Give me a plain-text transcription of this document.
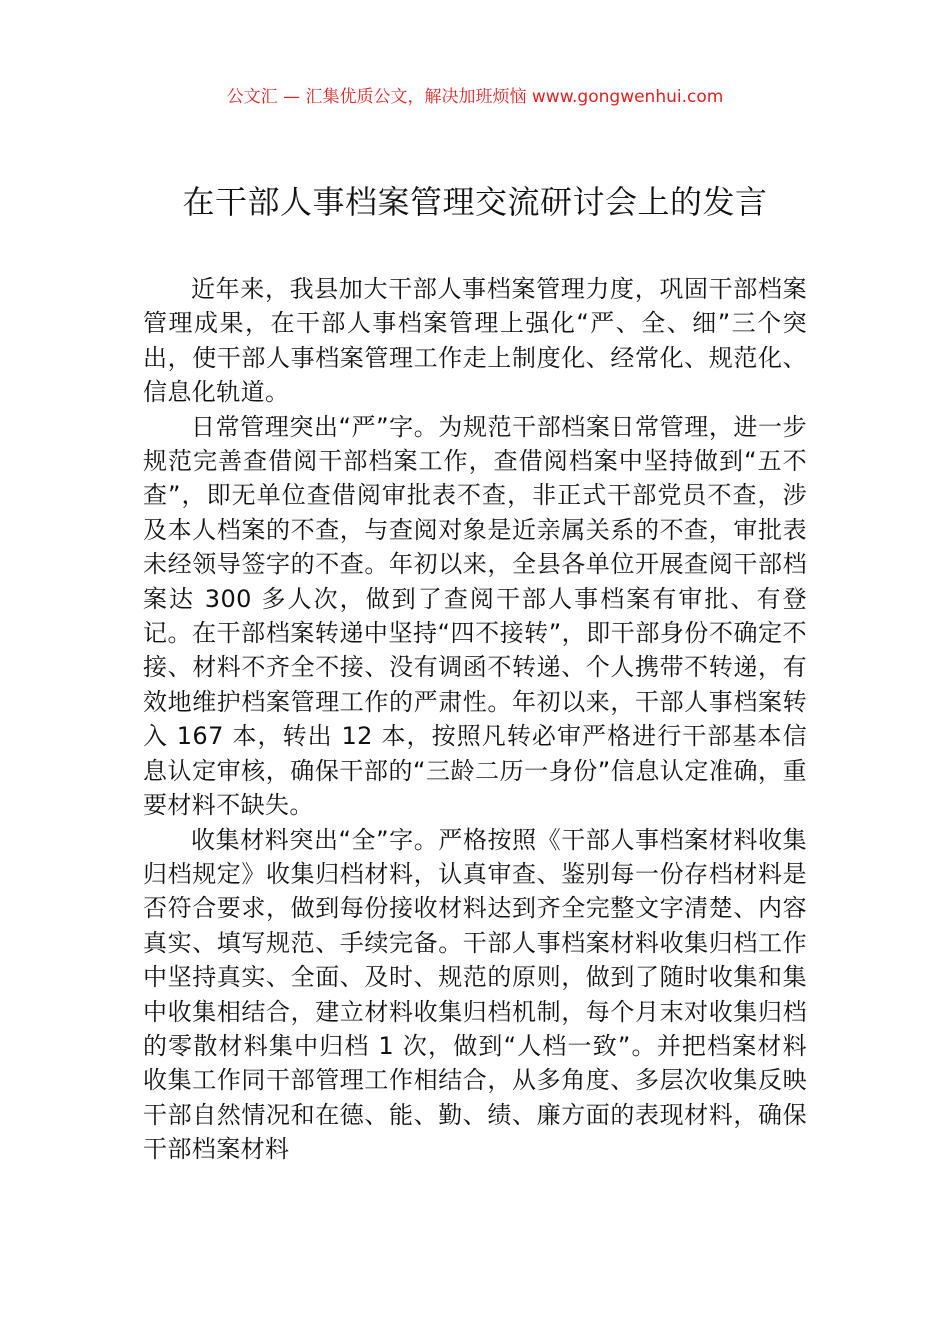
公文汇 — 汇集优质公文，解决加班烦恼 www.gongwenhui.com
在干部人事档案管理交流研讨会上的发言

近年来，我县加大干部人事档案管理力度，巩固干部档案管理成果，在干部人事档案管理上强化“严、全、细”三个突出，使干部人事档案管理工作走上制度化、经常化、规范化、信息化轨道。

日常管理突出“严”字。为规范干部档案日常管理，进一步规范完善查借阅干部档案工作，查借阅档案中坚持做到“五不查”，即无单位查借阅审批表不查，非正式干部党员不查，涉及本人档案的不查，与查阅对象是近亲属关系的不查，审批表未经领导签字的不查。年初以来，全县各单位开展查阅干部档案达 300 多人次，做到了查阅干部人事档案有审批、有登记。在干部档案转递中坚持“四不接转”，即干部身份不确定不接、材料不齐全不接、没有调函不转递、个人携带不转递，有效地维护档案管理工作的严肃性。年初以来，干部人事档案转入 167 本，转出 12 本，按照凡转必审严格进行干部基本信息认定审核，确保干部的“三龄二历一身份”信息认定准确，重要材料不缺失。

收集材料突出“全”字。严格按照《干部人事档案材料收集归档规定》收集归档材料，认真审查、鉴别每一份存档材料是否符合要求，做到每份接收材料达到齐全完整文字清楚、内容真实、填写规范、手续完备。干部人事档案材料收集归档工作中坚持真实、全面、及时、规范的原则，做到了随时收集和集中收集相结合，建立材料收集归档机制，每个月末对收集归档的零散材料集中归档 1 次，做到“人档一致”。并把档案材料收集工作同干部管理工作相结合，从多角度、多层次收集反映干部自然情况和在德、能、勤、绩、廉方面的表现材料，确保干部档案材料
